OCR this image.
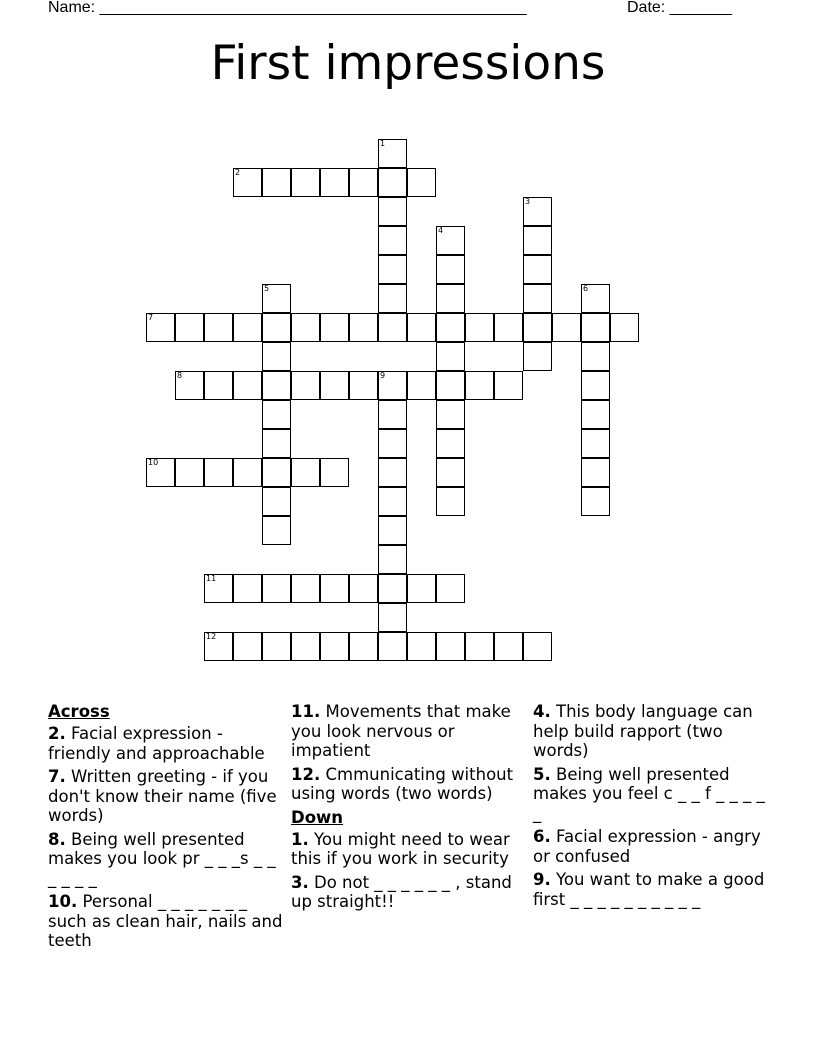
Name: ________________________________________________	Date: _______
First impressions
1
2
3
4
5	6
7
8	9
10
11
12
Across

2. Facial expression - friendly and approachable

7. Written greeting - if you don't know their name (five words)

8. Being well presented makes you look pr _ _ _s _ _ _ _ _ _

10. Personal _ _ _ _ _ _ _ such as clean hair, nails and teeth

11. Movements that make you look nervous or impatient

12. Cmmunicating without using words (two words)

Down

1. You might need to wear this if you work in security

3. Do not _ _ _ _ _ _ , stand up straight!!

4. This body language can help build rapport (two words)

5. Being well presented makes you feel c _ _ f _ _ _ _ _

6. Facial expression - angry or confused

9. You want to make a good first _ _ _ _ _ _ _ _ _ _
